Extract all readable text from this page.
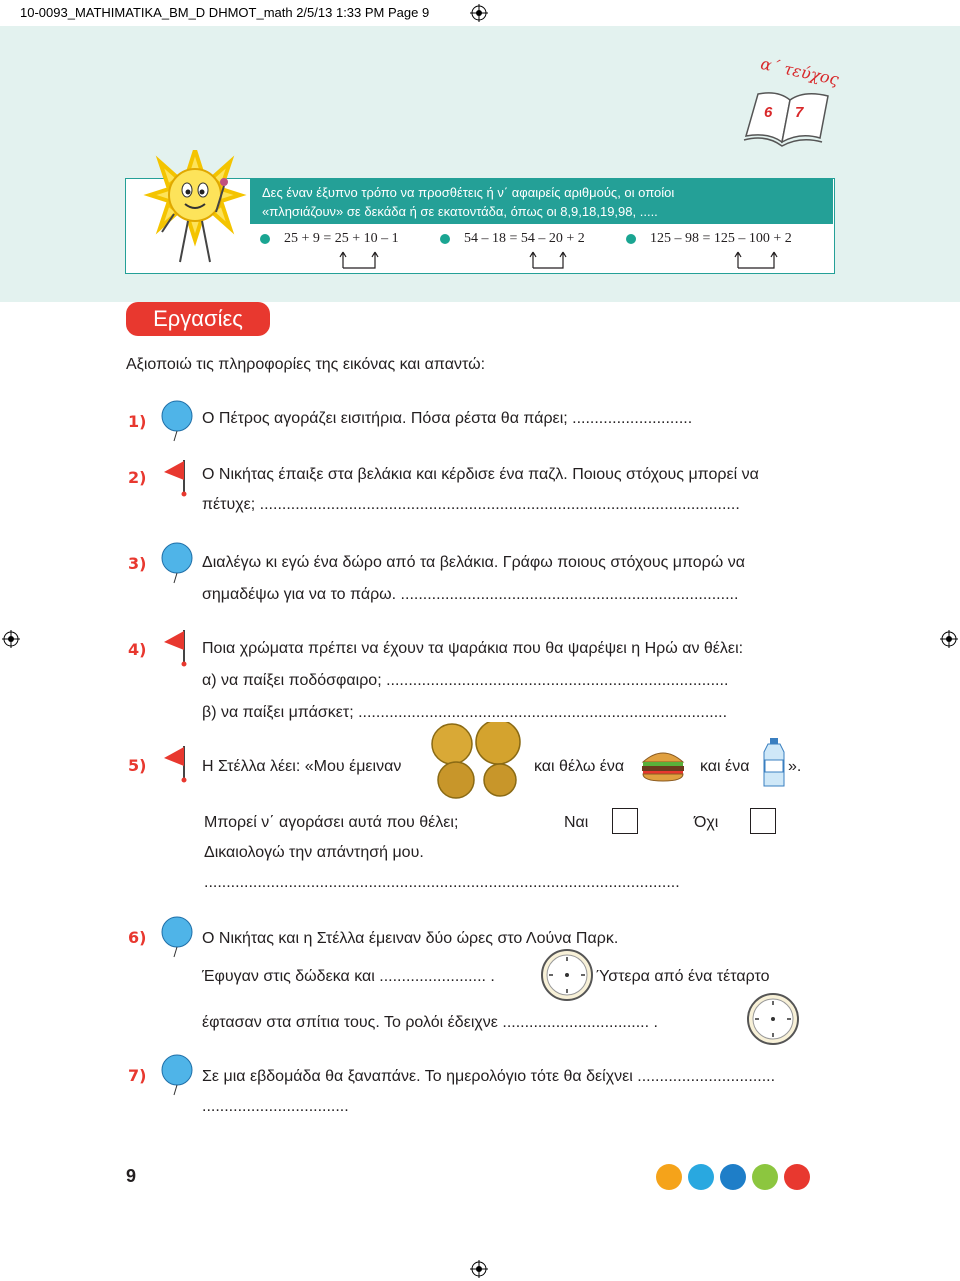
10-0093_MATHIMATIKA_BM_D DHMOT_math 2/5/13 1:33 PM Page 9
α΄ τεύχος
6 7
Δες έναν έξυπνο τρόπο να προσθέτεις ή ν΄ αφαιρείς αριθμούς, οι οποίοι
«πλησιάζουν» σε δεκάδα ή σε εκατοντάδα, όπως οι 8,9,18,19,98, .....
25 + 9 = 25 + 10 – 1	54 – 18 = 54 – 20 + 2	125 – 98 = 125 – 100 + 2
Εργασίες
Αξιοποιώ τις πληροφορίες της εικόνας και απαντώ:
1)	Ο Πέτρος αγοράζει εισιτήρια. Πόσα ρέστα θα πάρει; ...........................
2)	Ο Νικήτας έπαιξε στα βελάκια και κέρδισε ένα παζλ. Ποιους στόχους μπορεί να
πέτυχε; ............................................................................................................
3)	Διαλέγω κι εγώ ένα δώρο από τα βελάκια. Γράφω ποιους στόχους μπορώ να
σημαδέψω για να το πάρω. ............................................................................
4)	Ποια χρώματα πρέπει να έχουν τα ψαράκια που θα ψαρέψει η Ηρώ αν θέλει:
α) να παίξει ποδόσφαιρο; .............................................................................
β) να παίξει μπάσκετ; ...................................................................................
5)	Η Στέλλα λέει: «Μου έμειναν	και θέλω ένα	και ένα ».
Μπορεί ν΄ αγοράσει αυτά που θέλει;	Ναι	Όχι
Δικαιολογώ την απάντησή μου.
...........................................................................................................
6)	Ο Νικήτας και η Στέλλα έμειναν δύο ώρες στο Λούνα Παρκ.
Έφυγαν στις δώδεκα και ........................ .	Ύστερα από ένα τέταρτο
έφτασαν στα σπίτια τους. Το ρολόι έδειχνε ................................. .
7)	Σε μια εβδομάδα θα ξαναπάνε. Το ημερολόγιο τότε θα δείχνει ...............................
.................................
9
